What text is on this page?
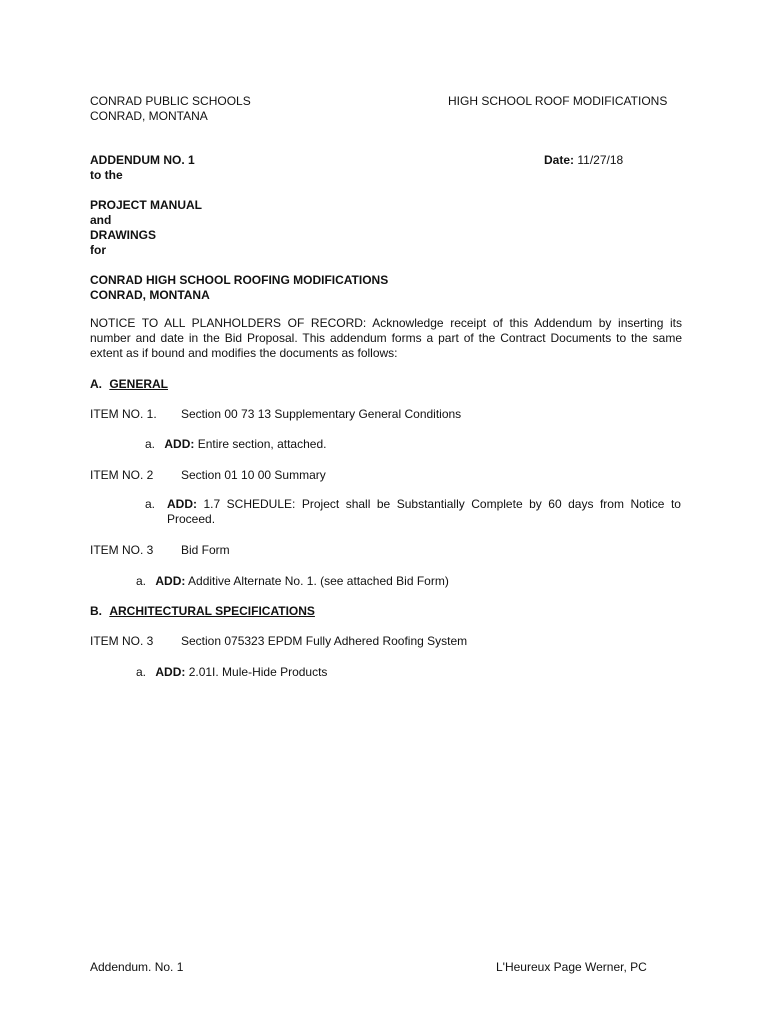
CONRAD PUBLIC SCHOOLS
CONRAD, MONTANA
HIGH SCHOOL ROOF MODIFICATIONS
ADDENDUM NO. 1
to the
Date: 11/27/18
PROJECT MANUAL
and
DRAWINGS
for
CONRAD HIGH SCHOOL ROOFING MODIFICATIONS
CONRAD, MONTANA
NOTICE TO ALL PLANHOLDERS OF RECORD: Acknowledge receipt of this Addendum by inserting its number and date in the Bid Proposal. This addendum forms a part of the Contract Documents to the same extent as if bound and modifies the documents as follows:
A. GENERAL
ITEM NO. 1. Section 00 73 13 Supplementary General Conditions
a. ADD: Entire section, attached.
ITEM NO. 2 Section 01 10 00 Summary
a. ADD: 1.7 SCHEDULE: Project shall be Substantially Complete by 60 days from Notice to Proceed.
ITEM NO. 3 Bid Form
a. ADD: Additive Alternate No. 1. (see attached Bid Form)
B. ARCHITECTURAL SPECIFICATIONS
ITEM NO. 3 Section 075323 EPDM Fully Adhered Roofing System
a. ADD: 2.01I. Mule-Hide Products
Addendum. No. 1	L'Heureux Page Werner, PC
